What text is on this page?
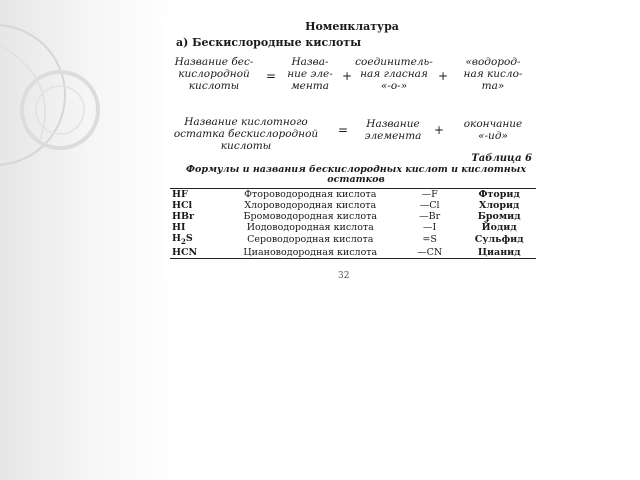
Номенклатура
а) Бескислородные кислоты
Название бес-
кислородной
кислоты
=
Назва-
ние эле-
мента
+
соединитель-
ная гласная
«-о-»
+
«водород-
ная кисло-
та»
Название кислотного
остатка бескислородной
кислоты
=	Название
элемента	+	окончание
«-ид»
Таблица 6
Формулы и названия бескислородных кислот и кислотных
остатков
HF	Фтороводородная кислота	—F	Фторид
HCl	Хлороводородная кислота	—Cl	Хлорид
HBr	Бромоводородная кислота	—Br	Бромид
HI	Иодоводородная кислота	—I	Йодид
$H_2S$	Сероводородная кислота	=S	Сульфид
HCN	Циановодородная кислота	—CN	Цианид
32
